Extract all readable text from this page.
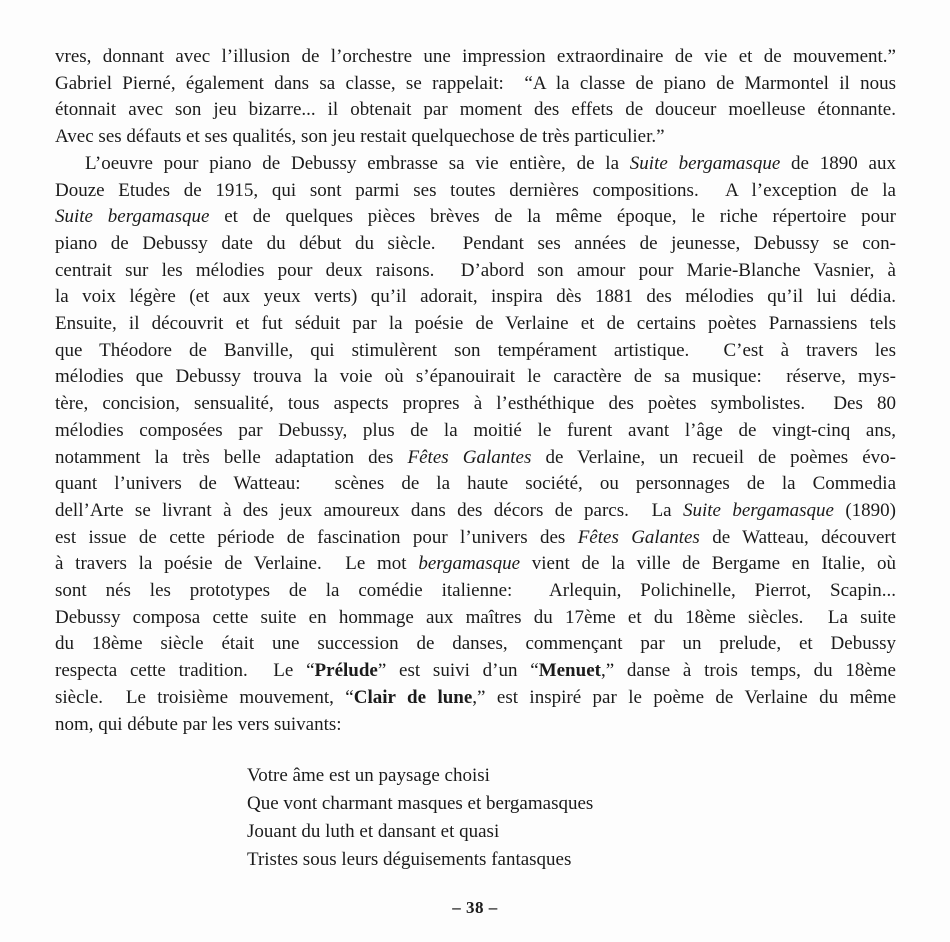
vres, donnant avec l’illusion de l’orchestre une impression extraordinaire de vie et de mouvement.”
Gabriel Pierné, également dans sa classe, se rappelait:  “A la classe de piano de Marmontel il nous
étonnait avec son jeu bizarre... il obtenait par moment des effets de douceur moelleuse étonnante.
Avec ses défauts et ses qualités, son jeu restait quelquechose de très particulier.”
L’oeuvre pour piano de Debussy embrasse sa vie entière, de la Suite bergamasque de 1890 aux
Douze Etudes de 1915, qui sont parmi ses toutes dernières compositions.  A l’exception de la
Suite bergamasque et de quelques pièces brèves de la même époque, le riche répertoire pour
piano de Debussy date du début du siècle.  Pendant ses années de jeunesse, Debussy se con-
centrait sur les mélodies pour deux raisons.  D’abord son amour pour Marie-Blanche Vasnier, à
la voix légère (et aux yeux verts) qu’il adorait, inspira dès 1881 des mélodies qu’il lui dédia.
Ensuite, il découvrit et fut séduit par la poésie de Verlaine et de certains poètes Parnassiens tels
que Théodore de Banville, qui stimulèrent son tempérament artistique.  C’est à travers les
mélodies que Debussy trouva la voie où s’épanouirait le caractère de sa musique:  réserve, mys-
tère, concision, sensualité, tous aspects propres à l’esthéthique des poètes symbolistes.  Des 80
mélodies composées par Debussy, plus de la moitié le furent avant l’âge de vingt-cinq ans,
notamment la très belle adaptation des Fêtes Galantes de Verlaine, un recueil de poèmes évo-
quant l’univers de Watteau:  scènes de la haute société, ou personnages de la Commedia
dell’Arte se livrant à des jeux amoureux dans des décors de parcs.  La Suite bergamasque (1890)
est issue de cette période de fascination pour l’univers des Fêtes Galantes de Watteau, découvert
à travers la poésie de Verlaine.  Le mot bergamasque vient de la ville de Bergame en Italie, où
sont nés les prototypes de la comédie italienne:  Arlequin, Polichinelle, Pierrot, Scapin...
Debussy composa cette suite en hommage aux maîtres du 17ème et du 18ème siècles.  La suite
du 18ème siècle était une succession de danses, commençant par un prelude, et Debussy
respecta cette tradition.  Le “Prélude” est suivi d’un “Menuet,” danse à trois temps, du 18ème
siècle.  Le troisième mouvement, “Clair de lune,” est inspiré par le poème de Verlaine du même
nom, qui débute par les vers suivants:
Votre âme est un paysage choisi
Que vont charmant masques et bergamasques
Jouant du luth et dansant et quasi
Tristes sous leurs déguisements fantasques
– 38 –
